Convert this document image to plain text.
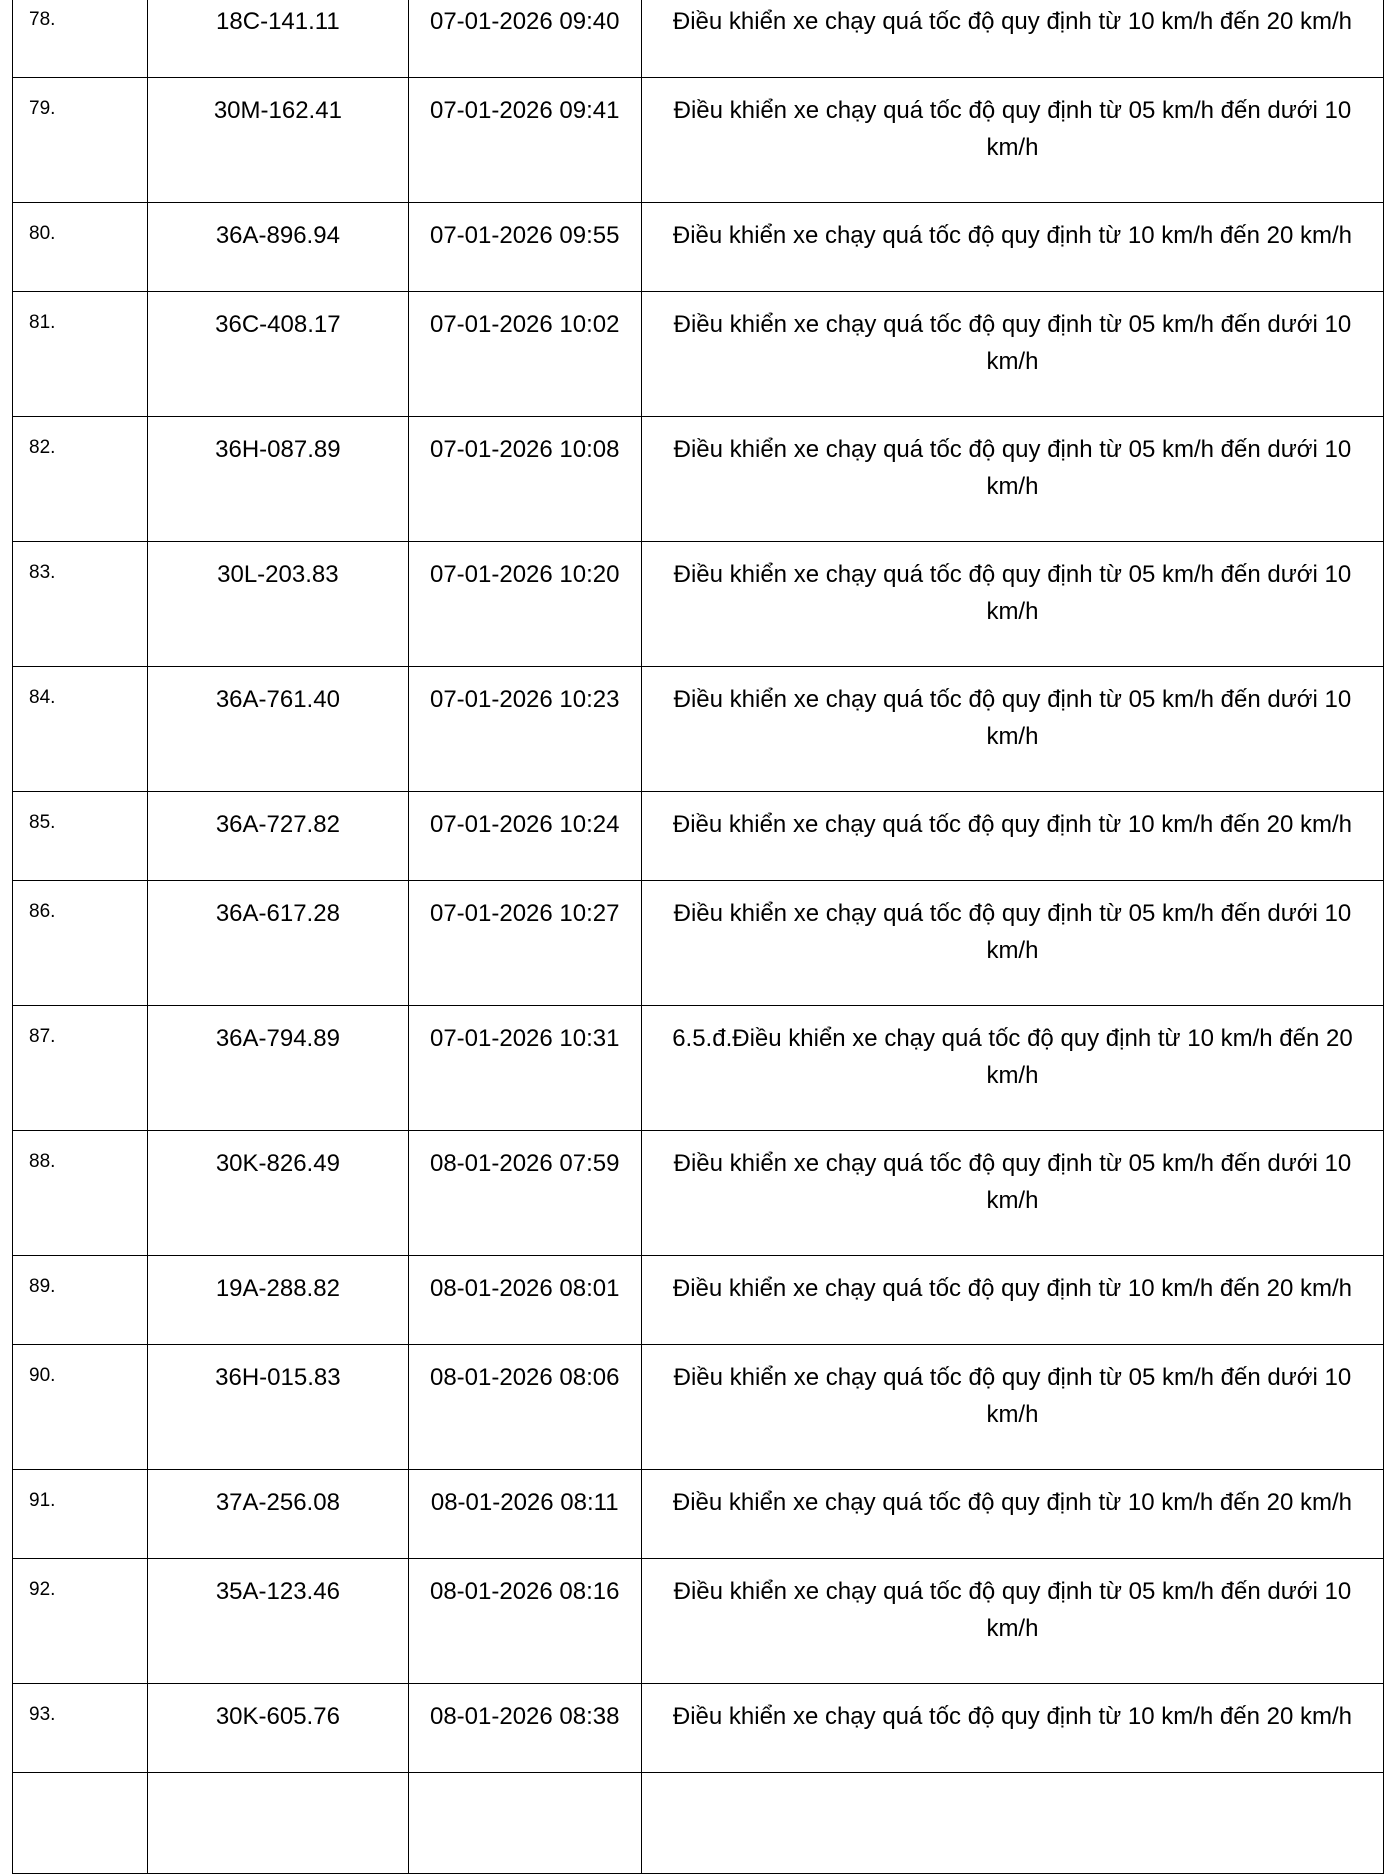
78.	18C-141.11	07-01-2026 09:40	Điều khiển xe chạy quá tốc độ quy định từ 10 km/h đến 20 km/h
79.	30M-162.41	07-01-2026 09:41	Điều khiển xe chạy quá tốc độ quy định từ 05 km/h đến dưới 10 km/h
80.	36A-896.94	07-01-2026 09:55	Điều khiển xe chạy quá tốc độ quy định từ 10 km/h đến 20 km/h
81.	36C-408.17	07-01-2026 10:02	Điều khiển xe chạy quá tốc độ quy định từ 05 km/h đến dưới 10 km/h
82.	36H-087.89	07-01-2026 10:08	Điều khiển xe chạy quá tốc độ quy định từ 05 km/h đến dưới 10 km/h
83.	30L-203.83	07-01-2026 10:20	Điều khiển xe chạy quá tốc độ quy định từ 05 km/h đến dưới 10 km/h
84.	36A-761.40	07-01-2026 10:23	Điều khiển xe chạy quá tốc độ quy định từ 05 km/h đến dưới 10 km/h
85.	36A-727.82	07-01-2026 10:24	Điều khiển xe chạy quá tốc độ quy định từ 10 km/h đến 20 km/h
86.	36A-617.28	07-01-2026 10:27	Điều khiển xe chạy quá tốc độ quy định từ 05 km/h đến dưới 10 km/h
87.	36A-794.89	07-01-2026 10:31	6.5.đ.Điều khiển xe chạy quá tốc độ quy định từ 10 km/h đến 20 km/h
88.	30K-826.49	08-01-2026 07:59	Điều khiển xe chạy quá tốc độ quy định từ 05 km/h đến dưới 10 km/h
89.	19A-288.82	08-01-2026 08:01	Điều khiển xe chạy quá tốc độ quy định từ 10 km/h đến 20 km/h
90.	36H-015.83	08-01-2026 08:06	Điều khiển xe chạy quá tốc độ quy định từ 05 km/h đến dưới 10 km/h
91.	37A-256.08	08-01-2026 08:11	Điều khiển xe chạy quá tốc độ quy định từ 10 km/h đến 20 km/h
92.	35A-123.46	08-01-2026 08:16	Điều khiển xe chạy quá tốc độ quy định từ 05 km/h đến dưới 10 km/h
93.	30K-605.76	08-01-2026 08:38	Điều khiển xe chạy quá tốc độ quy định từ 10 km/h đến 20 km/h
